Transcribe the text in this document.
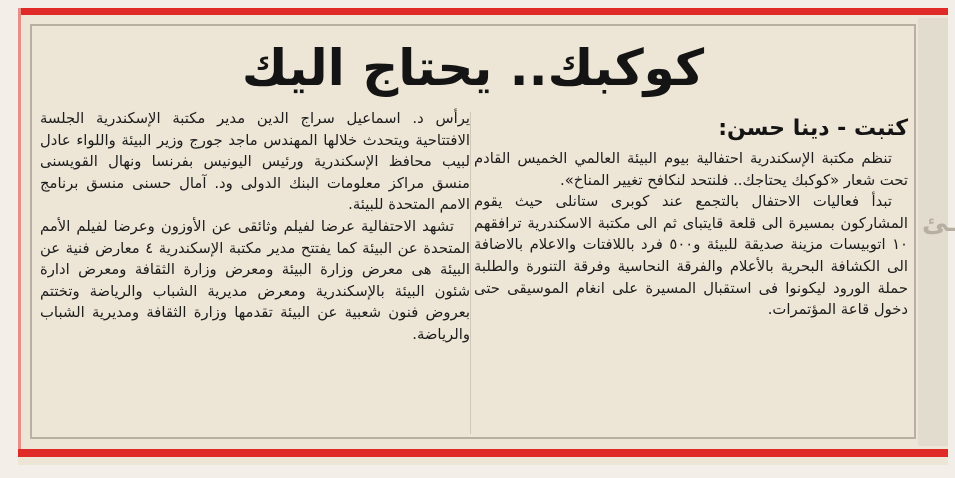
ـئ
كوكبك.. يحتاج اليك
كتبت - دينا حسن:

تنظم مكتبة الإسكندرية احتفالية بيوم البيئة العالمي الخميس القادم تحت شعار «كوكبك يحتاجك.. فلنتحد لنكافح تغيير المناخ».

تبدأ فعاليات الاحتفال بالتجمع عند كوبرى ستانلى حيث يقوم المشاركون بمسيرة الى قلعة قايتباى ثم الى مكتبة الاسكندرية ترافقهم ١٠ اتوبيسات مزينة صديقة للبيئة و٥٠٠ فرد باللافتات والاعلام بالاضافة الى الكشافة البحرية بالأعلام والفرقة النحاسية وفرقة التنورة والطلبة حملة الورود ليكونوا فى استقبال المسيرة على انغام الموسيقى حتى دخول قاعة المؤتمرات.

يرأس د. اسماعيل سراج الدين مدير مكتبة الإسكندرية الجلسة الافتتاحية ويتحدث خلالها المهندس ماجد جورج وزير البيئة واللواء عادل لبيب محافظ الإسكندرية ورئيس اليونيس بفرنسا ونهال القويسنى منسق مراكز معلومات البنك الدولى ود. آمال حسنى منسق برنامج الامم المتحدة للبيئة.

تشهد الاحتفالية عرضا لفيلم وثائقى عن الأوزون وعرضا لفيلم الأمم المتحدة عن البيئة كما يفتتح مدير مكتبة الإسكندرية ٤ معارض فنية عن البيئة هى معرض وزارة البيئة ومعرض وزارة الثقافة ومعرض ادارة شئون البيئة بالإسكندرية ومعرض مديرية الشباب والرياضة وتختتم بعروض فنون شعبية عن البيئة تقدمها وزارة الثقافة ومديرية الشباب والرياضة.
